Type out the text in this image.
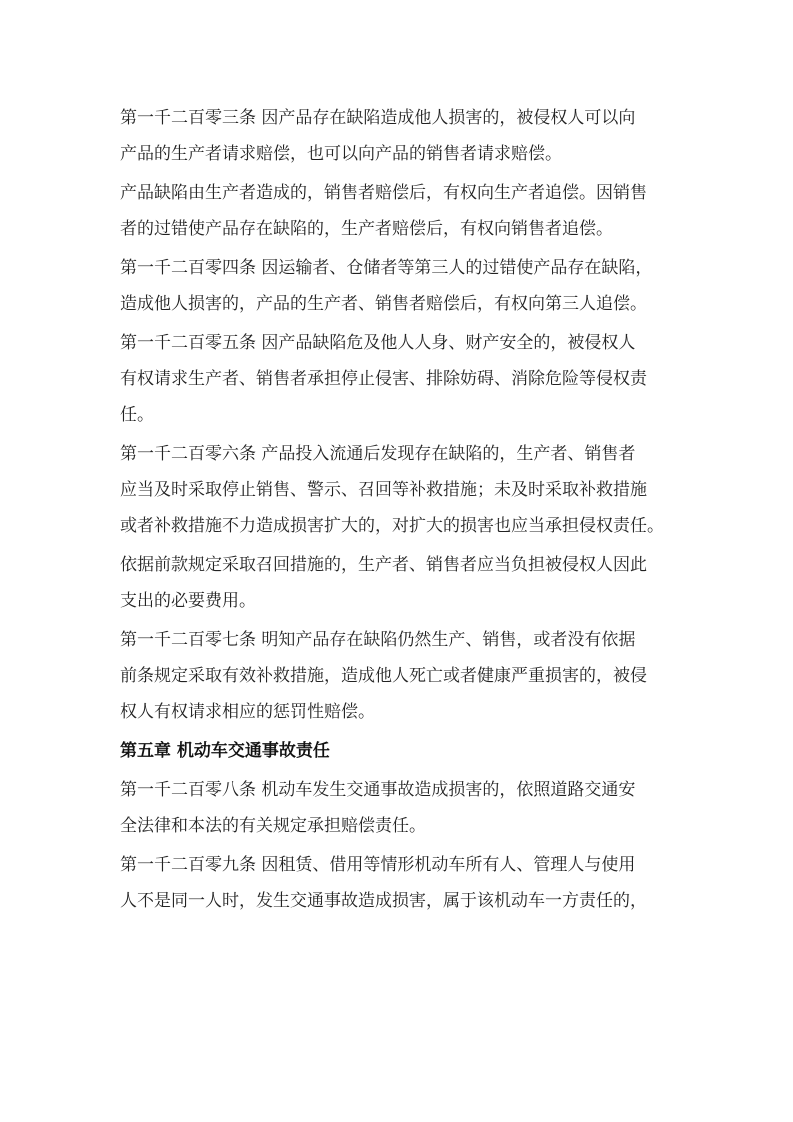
第一千二百零三条 因产品存在缺陷造成他人损害的，被侵权人可以向
产品的生产者请求赔偿，也可以向产品的销售者请求赔偿。
产品缺陷由生产者造成的，销售者赔偿后，有权向生产者追偿。因销售
者的过错使产品存在缺陷的，生产者赔偿后，有权向销售者追偿。
第一千二百零四条 因运输者、仓储者等第三人的过错使产品存在缺陷，
造成他人损害的，产品的生产者、销售者赔偿后，有权向第三人追偿。
第一千二百零五条 因产品缺陷危及他人人身、财产安全的，被侵权人
有权请求生产者、销售者承担停止侵害、排除妨碍、消除危险等侵权责
任。
第一千二百零六条 产品投入流通后发现存在缺陷的，生产者、销售者
应当及时采取停止销售、警示、召回等补救措施；未及时采取补救措施
或者补救措施不力造成损害扩大的，对扩大的损害也应当承担侵权责任。
依据前款规定采取召回措施的，生产者、销售者应当负担被侵权人因此
支出的必要费用。
第一千二百零七条 明知产品存在缺陷仍然生产、销售，或者没有依据
前条规定采取有效补救措施，造成他人死亡或者健康严重损害的，被侵
权人有权请求相应的惩罚性赔偿。
第五章 机动车交通事故责任
第一千二百零八条 机动车发生交通事故造成损害的，依照道路交通安
全法律和本法的有关规定承担赔偿责任。
第一千二百零九条 因租赁、借用等情形机动车所有人、管理人与使用
人不是同一人时，发生交通事故造成损害，属于该机动车一方责任的，
